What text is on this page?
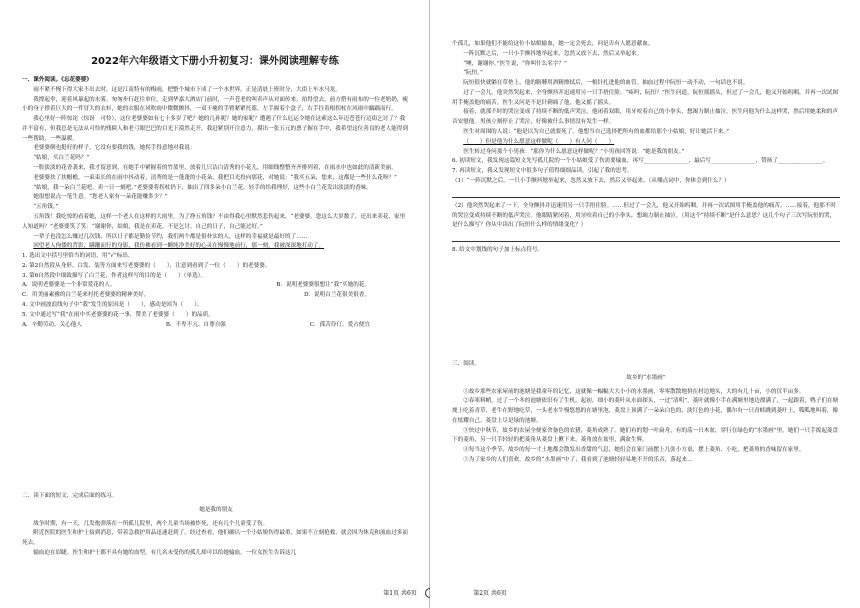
2022年六年级语文下册小升初复习：课外阅读理解专练

一、课外阅读。《忘花婆婆》

雨不紧不慢下得大家不出去时，这是江南特有的梅雨，把整个城市下成了一个水世界。正是清晨上班时分，大街上车水马龙。

我撑起伞，迎着风暴起的水雾。匆匆步行赶往单位。走到华嘉大酒店门前时，一声苍老的叫卖声从对面传来，拍得望去，前方搭有雨布的一位老奶奶，瘦小的身子撑着巨大的一件冒大的衣衫，她的衣服在风吹雨中微微颤抖，一双干瘪的手臂紧紧托篮，左手握着个盒子，右手拄着根拐杖在风雨中踽踽而行。

我心里好一阵惊诧（惊讶　可怜），这位老婆婆如有七十多岁了吧？她的几孙呢？她的家呢？遭遇了什么厄运令她在这索这么年迈苍苍行迈街乞讨了？我并不富有，但我总是无法从可怜的残障人和老弓眼巴巴的目光下漠然走开，我赶紧别开注意力，摸出一张五元的票子握在手中，我希望这位善良的老人能得到一些帮助，一些温暖。

老婆婆倒也挺好的样子，它没有要我的钱，她拐手得意地对我说：

“姑娘，买白兰花吗？”

一股淡淡的花香袭来，我才留意到，在她手中紧握着的竹蓝里，放着几只洁白清秀的小花儿，用细线整整齐齐排列着，在雨水中也如此的清新美丽。

老婆婆扶了扶帽檐，一束束长的在雨中抖动着，清秀的是一蓬蓬的小花朵，我把目光投向那花，对她说：“我买五朵，您来，这都是一些什么花呀？”

“姑娘，我一朵白兰花吧。卖一日一刻吧。”老婆婆将拐杖扔下，抽出了四多朵小白兰花，轻手的给我理好，这些小白兰花发出淡淡的香味。

她很想说点一笔生意。“您老人家有一朵花能赚多少？”

“五角钱。”

五角钱！我吃惊的看着她，这样一个老人在这样的大雨里，为了挣五角钱？不由得我心里默然悲伤起来，“老婆婆，您这么大岁数了，还出来卖花，家里人知道吗？”老婆婆笑了笑：“谢谢你，姑娘，我是在卖花，不是乞讨。自己的日子，自己能过好。”

一辈子也没怎么赚过几次钱，所以日子都是勤俭节约，我们两个都是很朴实的人，这样的幸福就是最好的了……

回望老人佝偻的背影，蹒跚而行的身影，我仿佛看到一颗纯净美好的心灵在慢慢地前行，那一刻，我被深深地打动了。

1. 选出文中括号里恰当的词语，用“√”标出。

2. 第2自然段从身形、白发、装等方面来写老婆婆的（　　），注意到看到了一位（　　）的老婆婆。

3. 第6自然段中细致描写了白兰花，作者这样写的目的是（　　）（单选）。

A．说明老婆婆是一个非常爱花的人。	B．说明老婆婆很想让“我”买她的花。
C．用美丽素雅的白兰花来衬托老婆婆的精神美好。	D．说明白兰花很美很香。

4. 文中画波浪线句子中“我”发生的原因是（　　），感动是因为（　　）。

5. 文中通过写“我”在雨中买老婆婆的花一事，赞美了老婆婆（　　）的品质。

A．辛勤劳动、关心他人	B．不卑不亢、自尊自强	C．孤苦伶仃、爱占便宜

二、读下面的短文，完成后面的练习。

她是我的朋友

战争时期，有一天，几发炮弹落在一所孤儿院里，两个儿童当场被炸死，还有几个儿童受了伤。

附近医院的医生和护士接到消息，带着急救护用品迅速赶到了。经过查看，他们确认一个小姑娘伤得最重，如果不立刻抢救，就会因为休克和流血过多而死去。

输血迫在眉睫。医生和护士都不具有她的血型。有几名未受伤的孤儿却可以给她输血。一位女医生告诉这几

第1页 共6页

个孤儿，如果他们不能给这位小姑娘输血，她一定会死去，问是否有人愿意献血。

一阵沉默之后，一只小手颤抖地举起来，忽然又放下去，然后又举起来。

“噢，谢谢你。”医生说，“你叫什么名字？”

“阮恒。”

阮恒很快就躺在草垫上，他的胳膊用酒精擦拭后，一根针扎进他的血管。抽血过程中阮恒一动不动，一句话也不说。

过了一会儿，他突然哭起来，全身颤抖并迅速用另一只手捂住脸。“疼吗，阮恒？”医生问道。阮恒摇摇头，但过了一会儿，他又开始呜咽，并再一次试图用手掩盖他的痛苦。医生又问是不是针刺痛了他，他又摇了摇头。

接着，就那不时的哭泣变成了持续不断的低声哭泣。他闭着双眼，用牙咬着自己的小拳头，想竭力制止抽泣。医生问他为什么这样哭，然后用她柔和的声音安慰他。男孩立刻停止了哭泣，好像被什么事情没有发生一样。

医生对周围的人说：“他是以为自己就要死了。他想当自己选择把所有的血都给那个小姑娘，好让她活下来。”

（　　）但是他为什么愿意这样做呢（　　）有人问（　　）

医生转过身问那个小男孩：“那你为什么愿意这样做呢？”小男孩回答说：“她是我的朋友。”

6. 初读短文，我发现这篇短文先写孤儿院的一个小姑娘受了伤需要输血，再写________________，最后写________________，赞扬了________________。

7. 再读短文，我又发现短文中很多句子值得细细品读，引起了我的思考。

（1）“一阵沉默之后，一只小手颤抖地举起来，忽然又放下去，然后又举起来。（从哪点词中，你体会到什么？）

（2）他突然哭起来了一下，全身颤抖并迅速用另一只手捂住脸。……但过了一会儿，他又开始呜咽，并再一次试图用手掩盖他的痛苦。……接着，他那不时的哭泣变成持续不断的低声哭泣。他眼睛紧闭着，用牙咬着自己的小拳头，想竭力制止抽泣。（用这个“持续不断”是什么意思？这几个句子三次写阮恒的哭，是什么描写？你从中读出了阮恒什么样的情绪变化？）

8. 给文中划线的句子加上标点符号。

三、阅读。

故乡的“水墨画”

①故乡那些农家屋前的池塘是我童年的记忆，这就像一幅幅大大小小的水墨画，零零散散地拼在村边地头，大的有几十亩，小的仅半亩多。

②春寒料峭，过了一个冬的池塘依旧有了生机。起初，细小的菱叶从水面探头，一过“清明”，菱叶就像小手在满塘里地边漂满了，一起跟着，鸭子们在塘埂上吃着青草，老牛在野地吃草，一头老水牛慢悠悠的在塘里泡，菱盘上顶满了一朵朵白色的、淡红色的小花，偶尔有一只青蛙跳到菱叶上，呱呱地叫着，像在炫耀自己。菱盘上尽是绿的池塘。

③快过中秋节，故乡的农屋全便家舍备色的农猪，菱角成熟了。她们有的划一叶扁舟，有的荡一只木盆，穿行在绿色的“水墨画”里，她们一只手拨起菱盘下的菱角，另一只手轻轻的把菱角从菱盘上揪下来，菱角放在盆里，满盆生辉。

④每当这个季节，故乡的每一寸土地都会散发出香甜的气息，她们会在家门前摆上几张小方桌，摆上菱角、小吃，把菱角的香味留在家里。

⑤为了家乡的人们喜欢，故乡的“水墨画”中了；我看到了池塘轻轻易地不开的乐音，落起来…

第2页 共6页
